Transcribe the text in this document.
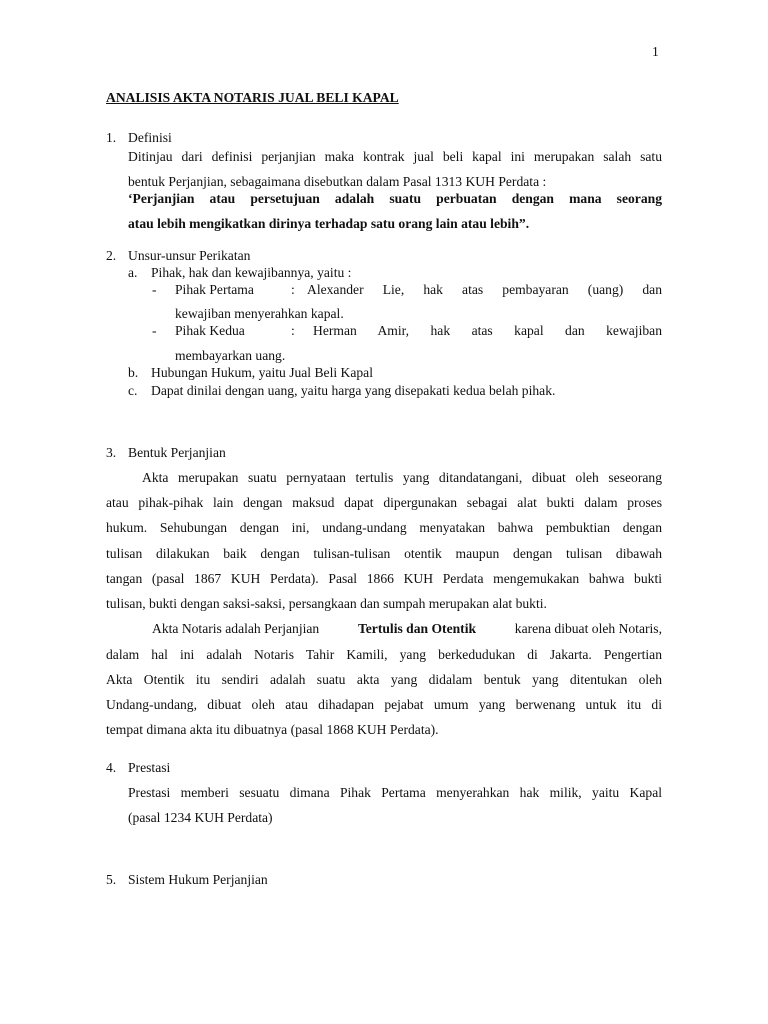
1
ANALISIS AKTA NOTARIS JUAL BELI KAPAL
1. Definisi
Ditinjau dari definisi perjanjian maka kontrak jual beli kapal ini merupakan salah satu
bentuk Perjanjian, sebagaimana disebutkan dalam Pasal 1313 KUH Perdata :
‘Perjanjian atau persetujuan adalah suatu perbuatan dengan mana seorang
atau lebih mengikatkan dirinya terhadap satu orang lain atau lebih”.
2. Unsur-unsur Perikatan
a. Pihak, hak dan kewajibannya, yaitu :
- Pihak Pertama	: Alexander Lie, hak atas pembayaran (uang) dan
kewajiban menyerahkan kapal.
- Pihak Kedua	: Herman Amir, hak atas kapal dan kewajiban
membayarkan uang.
b. Hubungan Hukum, yaitu Jual Beli Kapal
c. Dapat dinilai dengan uang, yaitu harga yang disepakati kedua belah pihak.
3. Bentuk Perjanjian
Akta merupakan suatu pernyataan tertulis yang ditandatangani, dibuat oleh seseorang
atau pihak-pihak lain dengan maksud dapat dipergunakan sebagai alat bukti dalam proses
hukum. Sehubungan dengan ini, undang-undang menyatakan bahwa pembuktian dengan
tulisan dilakukan baik dengan tulisan-tulisan otentik maupun dengan tulisan dibawah
tangan (pasal 1867 KUH Perdata). Pasal 1866 KUH Perdata mengemukakan bahwa bukti
tulisan, bukti dengan saksi-saksi, persangkaan dan sumpah merupakan alat bukti.
Akta Notaris adalah Perjanjian	Tertulis dan Otentik	karena dibuat oleh Notaris,
dalam hal ini adalah Notaris Tahir Kamili, yang berkedudukan di Jakarta. Pengertian
Akta Otentik itu sendiri adalah suatu akta yang didalam bentuk yang ditentukan oleh
Undang-undang, dibuat oleh atau dihadapan pejabat umum yang berwenang untuk itu di
tempat dimana akta itu dibuatnya (pasal 1868 KUH Perdata).
4. Prestasi
Prestasi memberi sesuatu dimana Pihak Pertama menyerahkan hak milik, yaitu Kapal
(pasal 1234 KUH Perdata)
5. Sistem Hukum Perjanjian
